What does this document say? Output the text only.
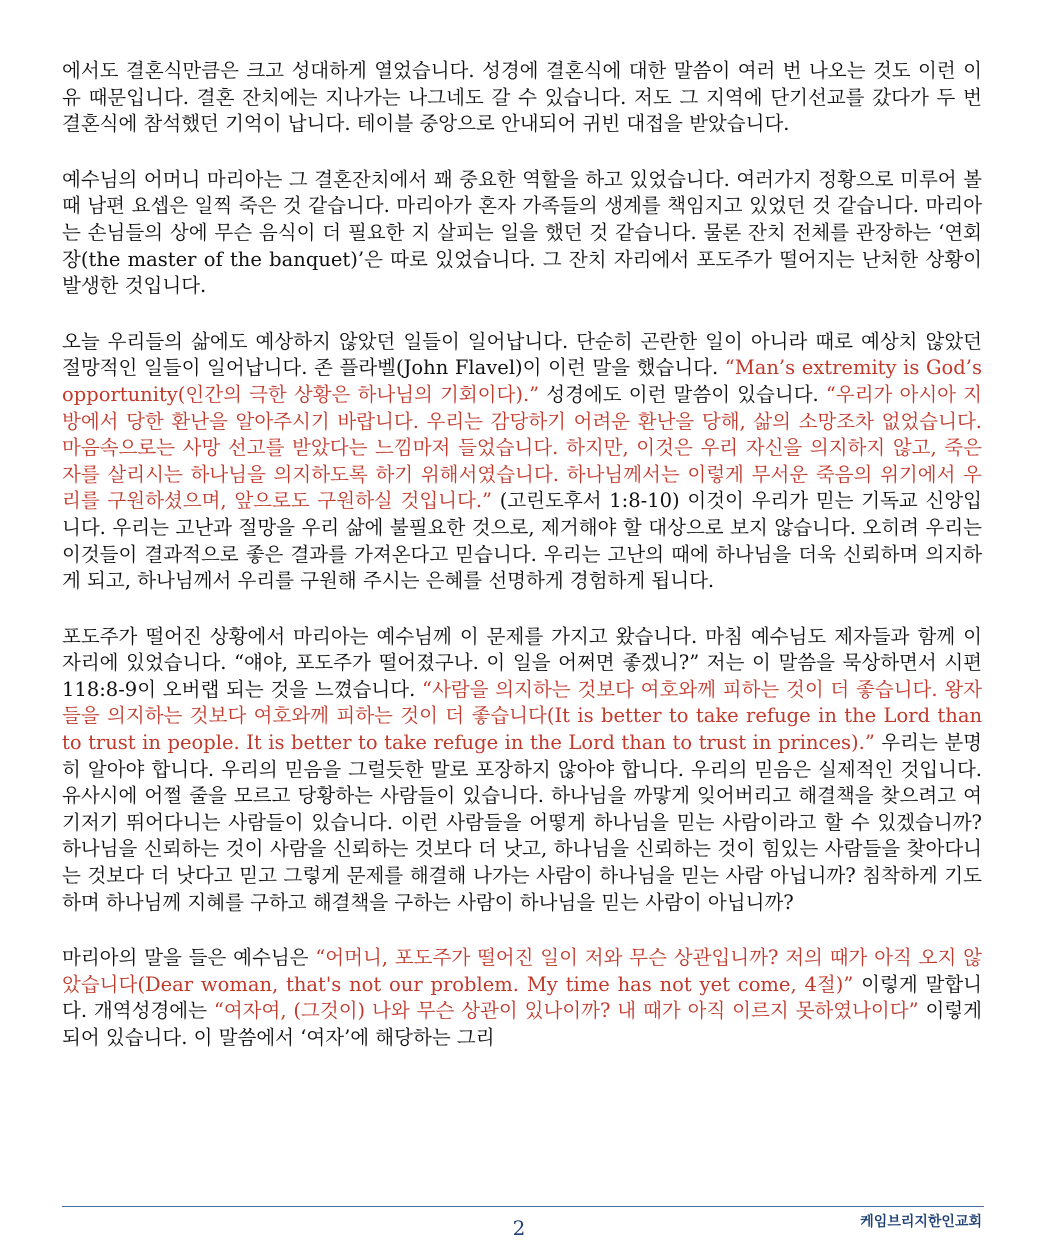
에서도 결혼식만큼은 크고 성대하게 열었습니다. 성경에 결혼식에 대한 말씀이 여러 번 나오는 것도 이런 이유 때문입니다. 결혼 잔치에는 지나가는 나그네도 갈 수 있습니다. 저도 그 지역에 단기선교를 갔다가 두 번 결혼식에 참석했던 기억이 납니다. 테이블 중앙으로 안내되어 귀빈 대접을 받았습니다.

예수님의 어머니 마리아는 그 결혼잔치에서 꽤 중요한 역할을 하고 있었습니다. 여러가지 정황으로 미루어 볼 때 남편 요셉은 일찍 죽은 것 같습니다. 마리아가 혼자 가족들의 생계를 책임지고 있었던 것 같습니다. 마리아는 손님들의 상에 무슨 음식이 더 필요한 지 살피는 일을 했던 것 같습니다. 물론 잔치 전체를 관장하는 ‘연회장(the master of the banquet)’은 따로 있었습니다. 그 잔치 자리에서 포도주가 떨어지는 난처한 상황이 발생한 것입니다.

오늘 우리들의 삶에도 예상하지 않았던 일들이 일어납니다. 단순히 곤란한 일이 아니라 때로 예상치 않았던 절망적인 일들이 일어납니다. 존 플라벨(John Flavel)이 이런 말을 했습니다. “Man’s extremity is God’s opportunity(인간의 극한 상황은 하나님의 기회이다).” 성경에도 이런 말씀이 있습니다. “우리가 아시아 지방에서 당한 환난을 알아주시기 바랍니다. 우리는 감당하기 어려운 환난을 당해, 삶의 소망조차 없었습니다. 마음속으로는 사망 선고를 받았다는 느낌마저 들었습니다. 하지만, 이것은 우리 자신을 의지하지 않고, 죽은 자를 살리시는 하나님을 의지하도록 하기 위해서였습니다. 하나님께서는 이렇게 무서운 죽음의 위기에서 우리를 구원하셨으며, 앞으로도 구원하실 것입니다.” (고린도후서 1:8-10) 이것이 우리가 믿는 기독교 신앙입니다. 우리는 고난과 절망을 우리 삶에 불필요한 것으로, 제거해야 할 대상으로 보지 않습니다. 오히려 우리는 이것들이 결과적으로 좋은 결과를 가져온다고 믿습니다. 우리는 고난의 때에 하나님을 더욱 신뢰하며 의지하게 되고, 하나님께서 우리를 구원해 주시는 은혜를 선명하게 경험하게 됩니다.

포도주가 떨어진 상황에서 마리아는 예수님께 이 문제를 가지고 왔습니다. 마침 예수님도 제자들과 함께 이 자리에 있었습니다. “얘야, 포도주가 떨어졌구나. 이 일을 어쩌면 좋겠니?” 저는 이 말씀을 묵상하면서 시편 118:8-9이 오버랩 되는 것을 느꼈습니다. “사람을 의지하는 것보다 여호와께 피하는 것이 더 좋습니다. 왕자들을 의지하는 것보다 여호와께 피하는 것이 더 좋습니다(It is better to take refuge in the Lord than to trust in people. It is better to take refuge in the Lord than to trust in princes).” 우리는 분명히 알아야 합니다. 우리의 믿음을 그럴듯한 말로 포장하지 않아야 합니다. 우리의 믿음은 실제적인 것입니다. 유사시에 어쩔 줄을 모르고 당황하는 사람들이 있습니다. 하나님을 까맣게 잊어버리고 해결책을 찾으려고 여기저기 뛰어다니는 사람들이 있습니다. 이런 사람들을 어떻게 하나님을 믿는 사람이라고 할 수 있겠습니까? 하나님을 신뢰하는 것이 사람을 신뢰하는 것보다 더 낫고, 하나님을 신뢰하는 것이 힘있는 사람들을 찾아다니는 것보다 더 낫다고 믿고 그렇게 문제를 해결해 나가는 사람이 하나님을 믿는 사람 아닙니까? 침착하게 기도하며 하나님께 지혜를 구하고 해결책을 구하는 사람이 하나님을 믿는 사람이 아닙니까?

마리아의 말을 들은 예수님은 “어머니, 포도주가 떨어진 일이 저와 무슨 상관입니까? 저의 때가 아직 오지 않았습니다(Dear woman, that's not our problem. My time has not yet come, 4절)” 이렇게 말합니다. 개역성경에는 “여자여, (그것이) 나와 무슨 상관이 있나이까? 내 때가 아직 이르지 못하였나이다” 이렇게 되어 있습니다. 이 말씀에서 ‘여자’에 해당하는 그리

2	케임브리지한인교회
